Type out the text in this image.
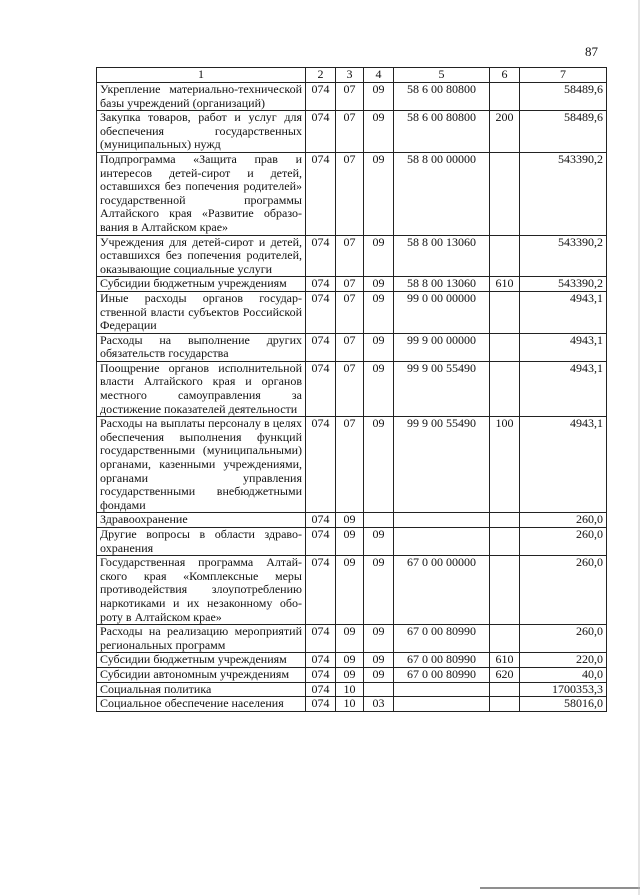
87
1	2	3	4	5	6	7
Укрепление материально-технической базы учреждений (организаций)	074	07	09	58 6 00 80800		58489,6
Закупка товаров, работ и услуг для обеспечения государственных (муниципальных) нужд	074	07	09	58 6 00 80800	200	58489,6
Подпрограмма «Защита прав и интересов детей-сирот и детей, оставшихся без попечения родителей» государственной программы Алтайского края «Развитие образования в Алтайском крае»	074	07	09	58 8 00 00000		543390,2
Учреждения для детей-сирот и детей, оставшихся без попечения родителей, оказывающие социальные услуги	074	07	09	58 8 00 13060		543390,2
Субсидии бюджетным учреждениям	074	07	09	58 8 00 13060	610	543390,2
Иные расходы органов государственной власти субъектов Российской Федерации	074	07	09	99 0 00 00000		4943,1
Расходы на выполнение других обязательств государства	074	07	09	99 9 00 00000		4943,1
Поощрение органов исполнительной власти Алтайского края и органов местного самоуправления за достижение показателей деятельности	074	07	09	99 9 00 55490		4943,1
Расходы на выплаты персоналу в целях обеспечения выполнения функций государственными (муниципальными) органами, казенными учреждениями, органами управления государственными внебюджетными фондами	074	07	09	99 9 00 55490	100	4943,1
Здравоохранение	074	09				260,0
Другие вопросы в области здравоохранения	074	09	09			260,0
Государственная программа Алтайского края «Комплексные меры противодействия злоупотреблению наркотиками и их незаконному обороту в Алтайском крае»	074	09	09	67 0 00 00000		260,0
Расходы на реализацию мероприятий региональных программ	074	09	09	67 0 00 80990		260,0
Субсидии бюджетным учреждениям	074	09	09	67 0 00 80990	610	220,0
Субсидии автономным учреждениям	074	09	09	67 0 00 80990	620	40,0
Социальная политика	074	10				1700353,3
Социальное обеспечение населения	074	10	03			58016,0
